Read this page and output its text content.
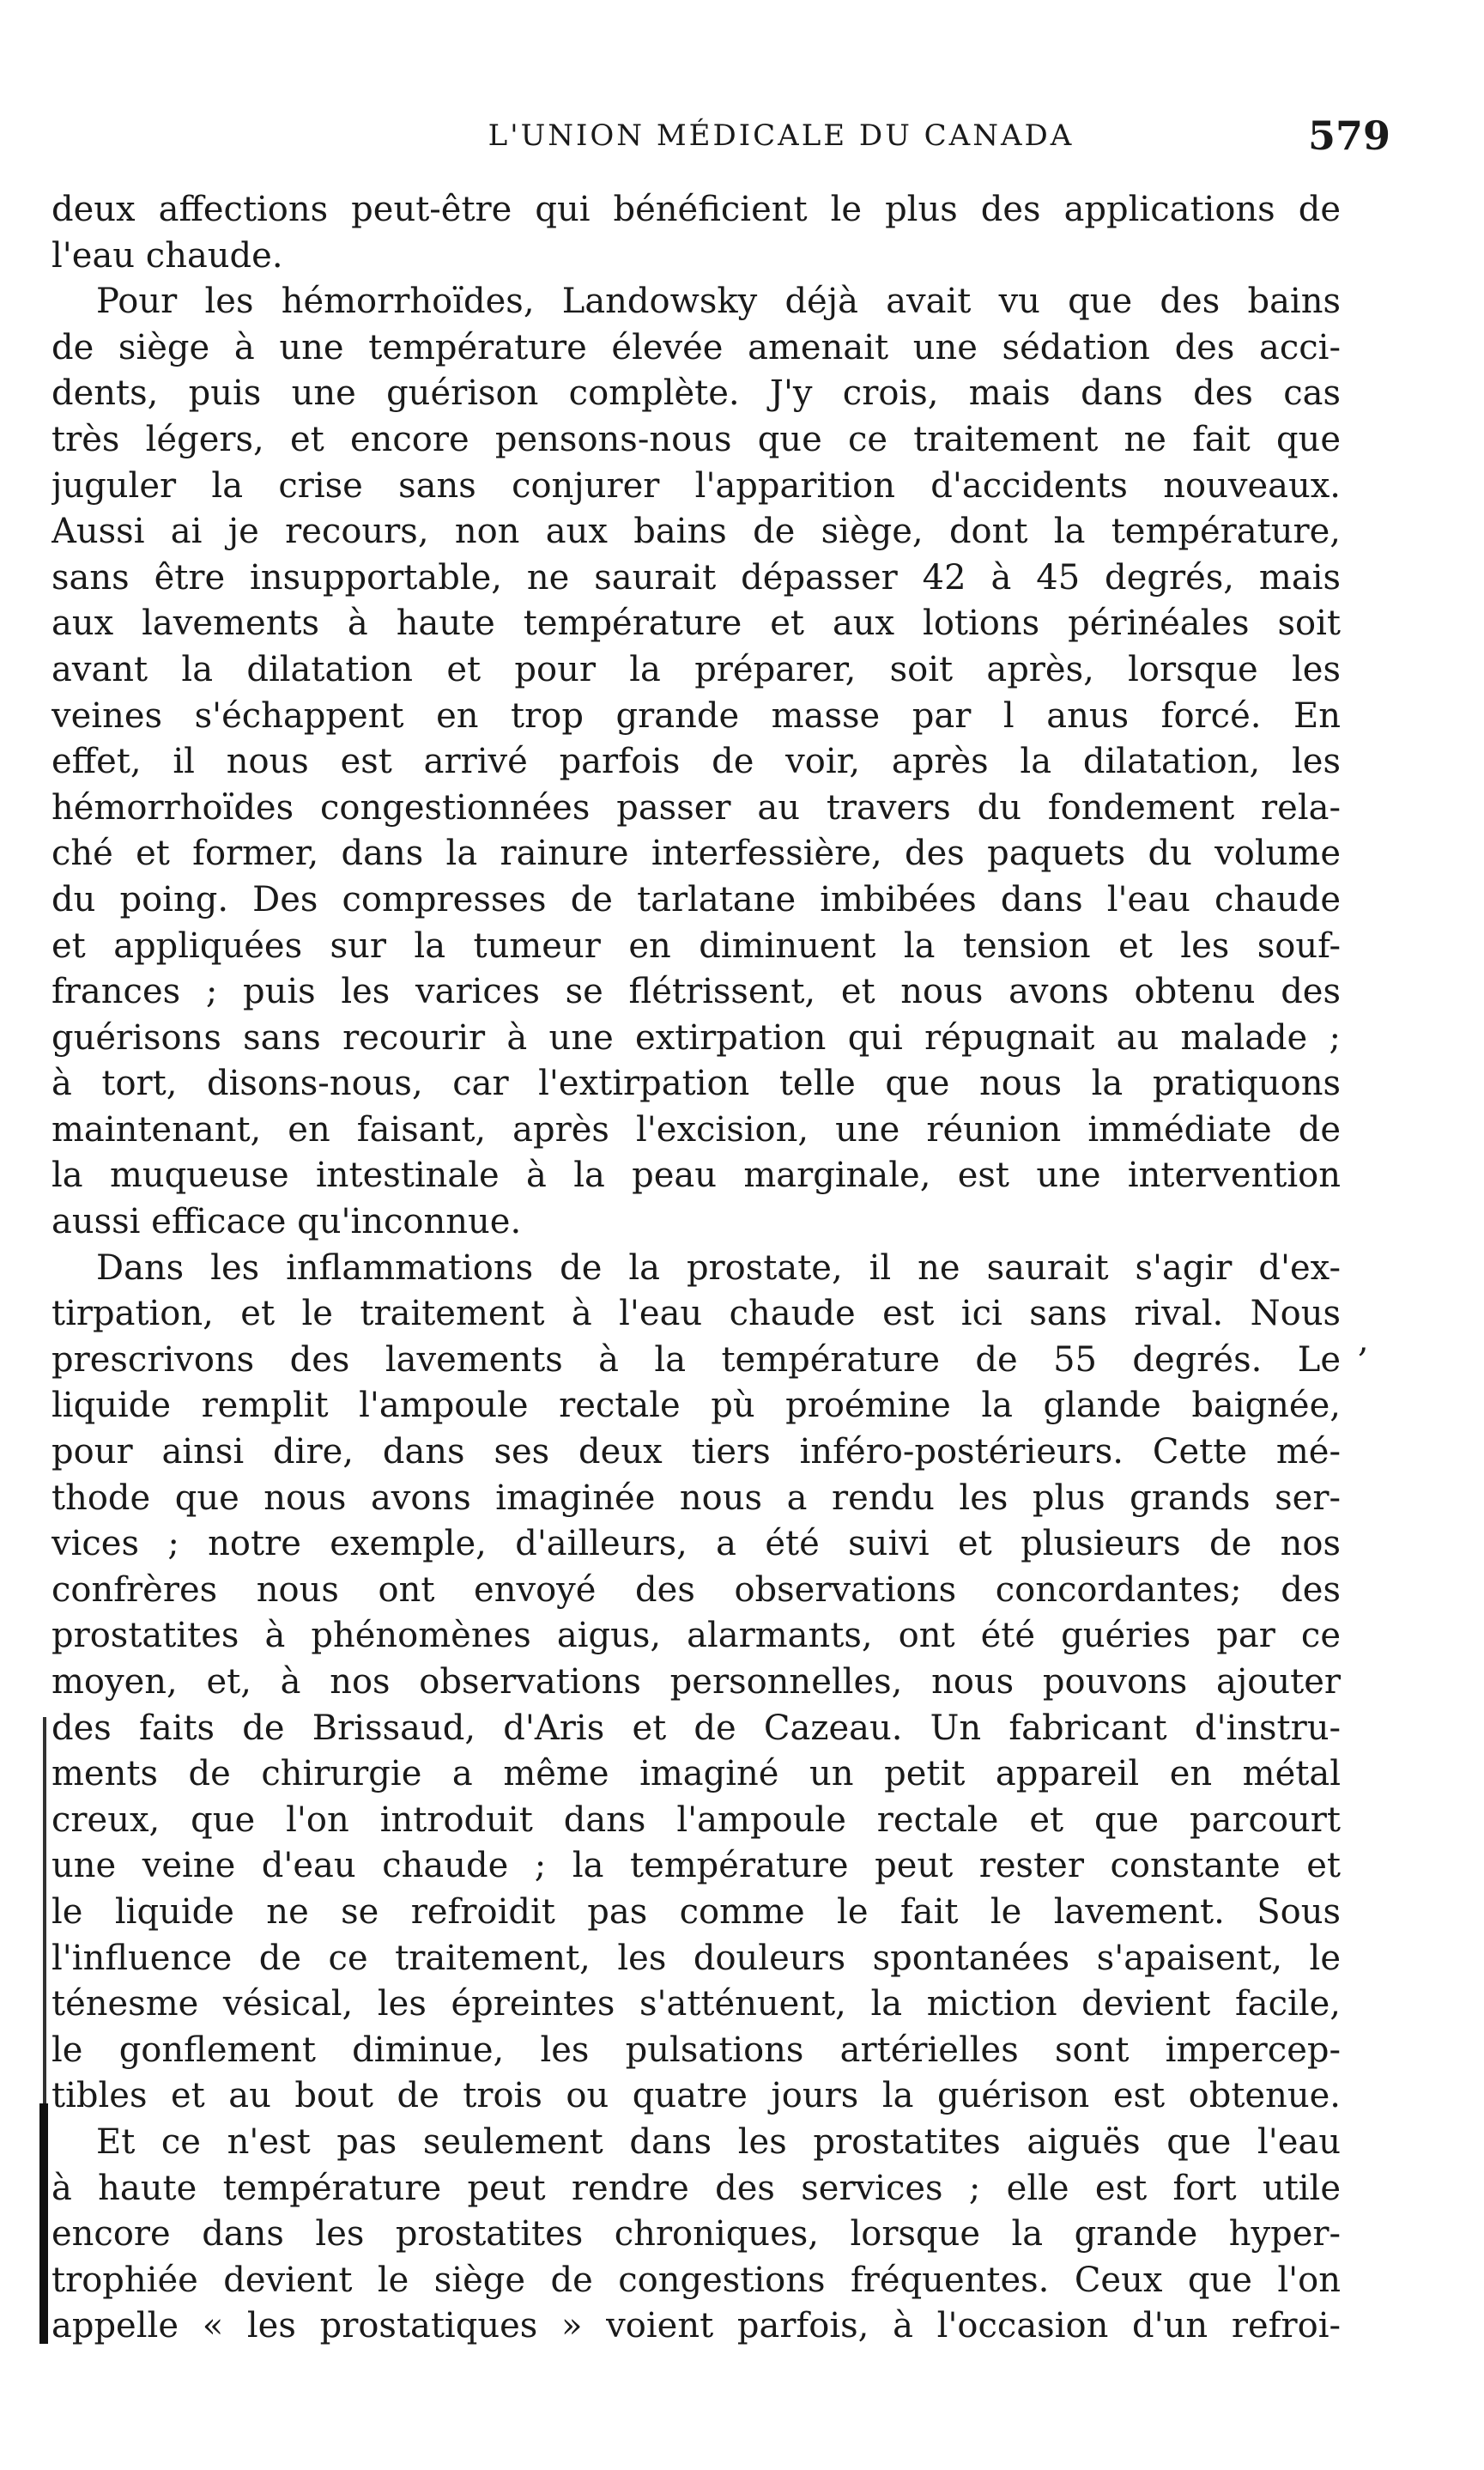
L'UNION MÉDICALE DU CANADA	579
deux affections peut-être qui bénéficient le plus des applications de
l'eau chaude.
Pour les hémorrhoïdes, Landowsky déjà avait vu que des bains
de siège à une température élevée amenait une sédation des acci-
dents, puis une guérison complète. J'y crois, mais dans des cas
très légers, et encore pensons-nous que ce traitement ne fait que
juguler la crise sans conjurer l'apparition d'accidents nouveaux.
Aussi ai je recours, non aux bains de siège, dont la température,
sans être insupportable, ne saurait dépasser 42 à 45 degrés, mais
aux lavements à haute température et aux lotions périnéales soit
avant la dilatation et pour la préparer, soit après, lorsque les
veines s'échappent en trop grande masse par l anus forcé. En
effet, il nous est arrivé parfois de voir, après la dilatation, les
hémorrhoïdes congestionnées passer au travers du fondement rela-
ché et former, dans la rainure interfessière, des paquets du volume
du poing. Des compresses de tarlatane imbibées dans l'eau chaude
et appliquées sur la tumeur en diminuent la tension et les souf-
frances ; puis les varices se flétrissent, et nous avons obtenu des
guérisons sans recourir à une extirpation qui répugnait au malade ;
à tort, disons-nous, car l'extirpation telle que nous la pratiquons
maintenant, en faisant, après l'excision, une réunion immédiate de
la muqueuse intestinale à la peau marginale, est une intervention
aussi efficace qu'inconnue.
Dans les inflammations de la prostate, il ne saurait s'agir d'ex-
tirpation, et le traitement à l'eau chaude est ici sans rival. Nous
prescrivons des lavements à la température de 55 degrés. Le
liquide remplit l'ampoule rectale pù proémine la glande baignée,
pour ainsi dire, dans ses deux tiers inféro-postérieurs. Cette mé-
thode que nous avons imaginée nous a rendu les plus grands ser-
vices ; notre exemple, d'ailleurs, a été suivi et plusieurs de nos
confrères nous ont envoyé des observations concordantes; des
prostatites à phénomènes aigus, alarmants, ont été guéries par ce
moyen, et, à nos observations personnelles, nous pouvons ajouter
des faits de Brissaud, d'Aris et de Cazeau. Un fabricant d'instru-
ments de chirurgie a même imaginé un petit appareil en métal
creux, que l'on introduit dans l'ampoule rectale et que parcourt
une veine d'eau chaude ; la température peut rester constante et
le liquide ne se refroidit pas comme le fait le lavement. Sous
l'influence de ce traitement, les douleurs spontanées s'apaisent, le
ténesme vésical, les épreintes s'atténuent, la miction devient facile,
le gonflement diminue, les pulsations artérielles sont impercep-
tibles et au bout de trois ou quatre jours la guérison est obtenue.
Et ce n'est pas seulement dans les prostatites aiguës que l'eau
à haute température peut rendre des services ; elle est fort utile
encore dans les prostatites chroniques, lorsque la grande hyper-
trophiée devient le siège de congestions fréquentes. Ceux que l'on
appelle « les prostatiques » voient parfois, à l'occasion d'un refroi-
,
